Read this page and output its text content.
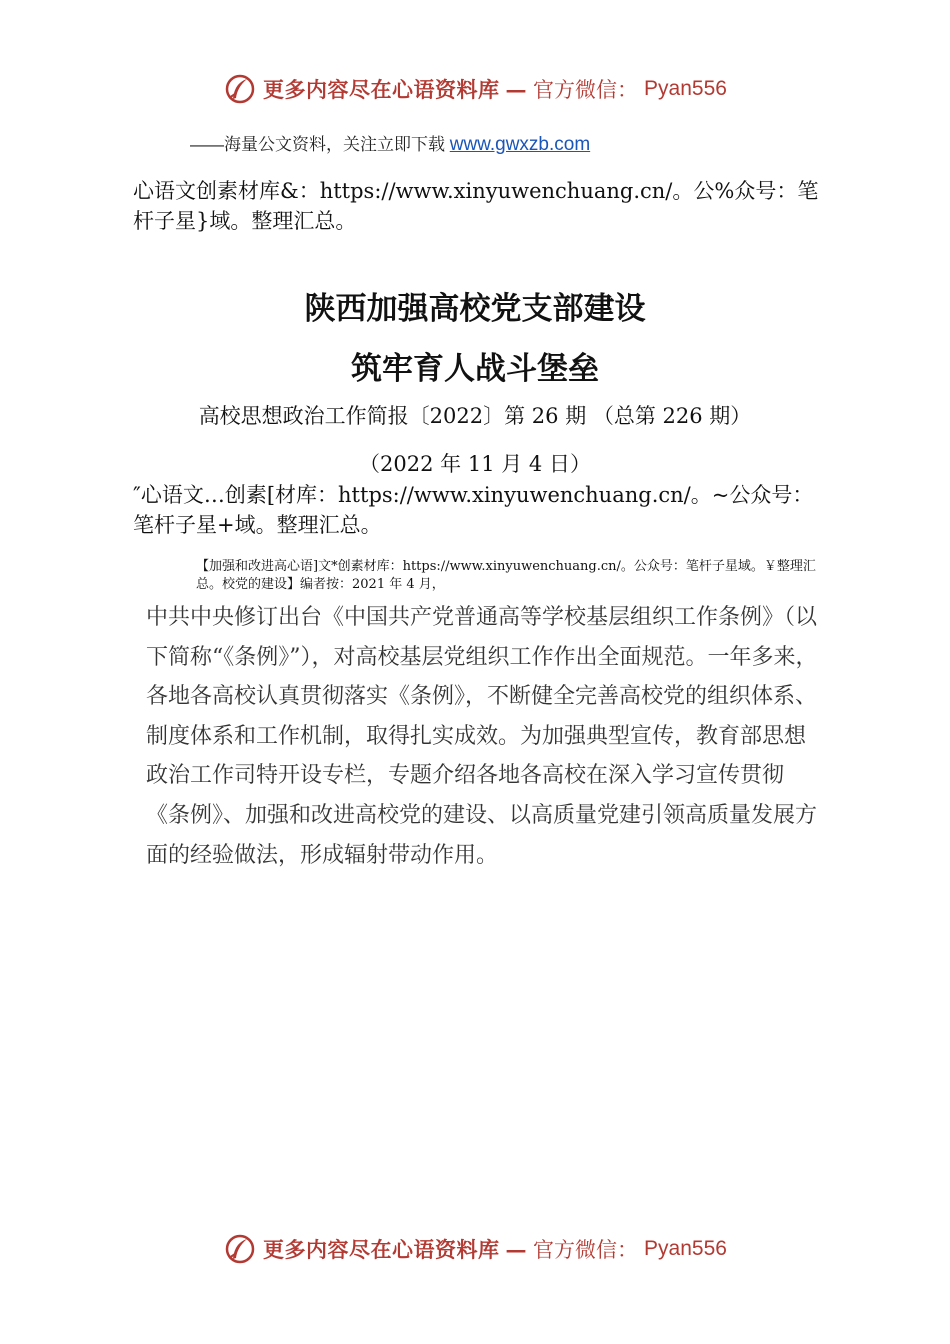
更多内容尽在心语资料库 — 官方微信： Pyan556
——海量公文资料，关注立即下载 www.gwxzb.com
心语文创素材库&：https://www.xinyuwenchuang.cn/。公%众号：笔杆子星}域。整理汇总。
陕西加强高校党支部建设
筑牢育人战斗堡垒
高校思想政治工作简报〔2022〕第 26 期 （总第 226 期）
（2022 年 11 月 4 日）
″心语文…创素[材库：https://www.xinyuwenchuang.cn/。~公众号：笔杆子星+域。整理汇总。
【加强和改进高心语]文*创素材库：https://www.xinyuwenchuang.cn/。公众号：笔杆子星域。￥整理汇总。校党的建设】编者按：2021 年 4 月，

中共中央修订出台《中国共产党普通高等学校基层组织工作条例》（以下简称“《条例》”），对高校基层党组织工作作出全面规范。一年多来，各地各高校认真贯彻落实《条例》，不断健全完善高校党的组织体系、制度体系和工作机制，取得扎实成效。为加强典型宣传，教育部思想政治工作司特开设专栏，专题介绍各地各高校在深入学习宣传贯彻《条例》、加强和改进高校党的建设、以高质量党建引领高质量发展方面的经验做法，形成辐射带动作用。

更多内容尽在心语资料库 — 官方微信： Pyan556
